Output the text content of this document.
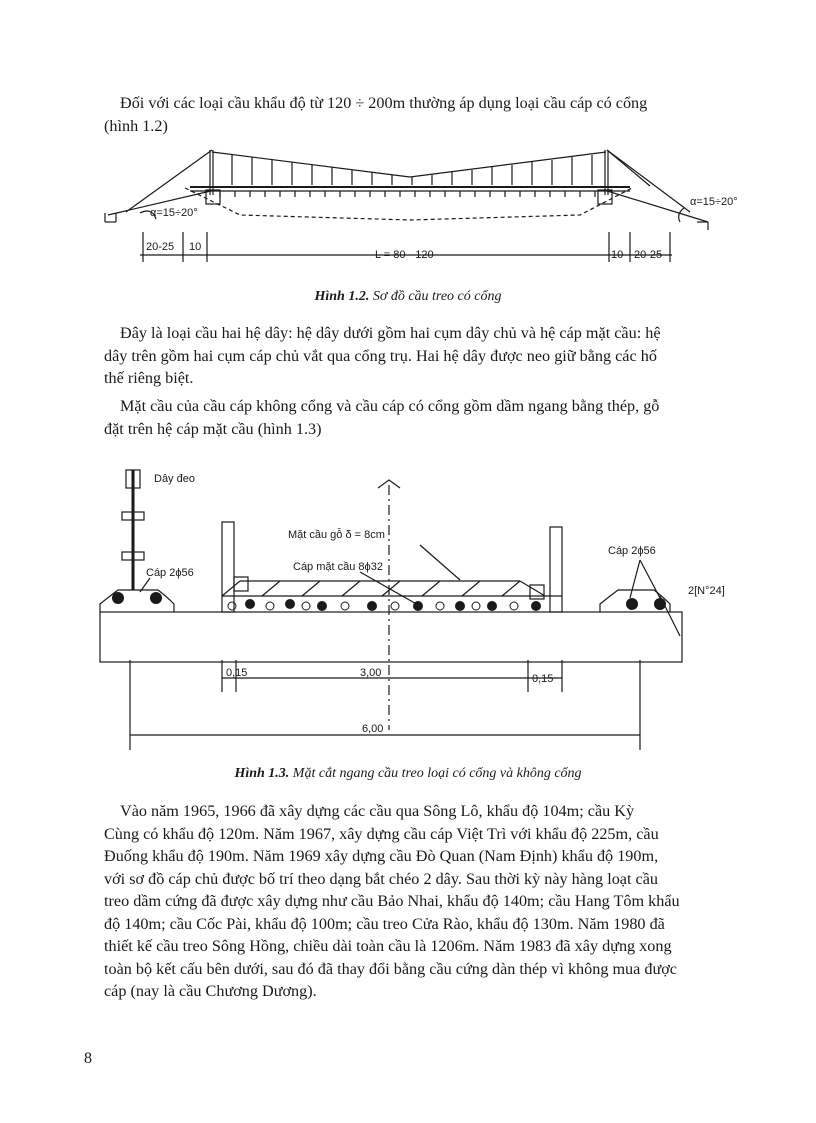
Đối với các loại cầu khẩu độ từ 120 ÷ 200m thường áp dụng loại cầu cáp có cổng
(hình 1.2)
α=15÷20°
α=15÷20°
20-25 10
L = 80 - 120	10 20-25
Hình 1.2. Sơ đồ cầu treo có cổng
Đây là loại cầu hai hệ dây: hệ dây dưới gồm hai cụm dây chủ và hệ cáp mặt cầu: hệ
dây trên gồm hai cụm cáp chủ vắt qua cổng trụ. Hai hệ dây được neo giữ bằng các hố
thế riêng biệt.
Mặt cầu của cầu cáp không cổng và cầu cáp có cổng gồm dầm ngang bằng thép, gỗ
đặt trên hệ cáp mặt cầu (hình 1.3)
Dây đeo
Cáp 2ϕ56
Cáp 2ϕ56
Mặt cầu gỗ δ = 8cm
Cáp mặt cầu 8ϕ32
2[N°24]
0,15	3,00	0,15
6,00
Hình 1.3. Mặt cắt ngang cầu treo loại có cổng và không cổng
Vào năm 1965, 1966 đã xây dựng các cầu qua Sông Lô, khẩu độ 104m; cầu Kỳ
Cùng có khẩu độ 120m. Năm 1967, xây dựng cầu cáp Việt Trì với khẩu độ 225m, cầu
Đuống khẩu độ 190m. Năm 1969 xây dựng cầu Đò Quan (Nam Định) khẩu độ 190m,
với sơ đồ cáp chủ được bố trí theo dạng bắt chéo 2 dây. Sau thời kỳ này hàng loạt cầu
treo dầm cứng đã được xây dựng như cầu Bảo Nhai, khẩu độ 140m; cầu Hang Tôm khẩu
độ 140m; cầu Cốc Pài, khẩu độ 100m; cầu treo Cửa Rào, khẩu độ 130m. Năm 1980 đã
thiết kế cầu treo Sông Hồng, chiều dài toàn cầu là 1206m. Năm 1983 đã xây dựng xong
toàn bộ kết cấu bên dưới, sau đó đã thay đổi bằng cầu cứng dàn thép vì không mua được
cáp (nay là cầu Chương Dương).
8
